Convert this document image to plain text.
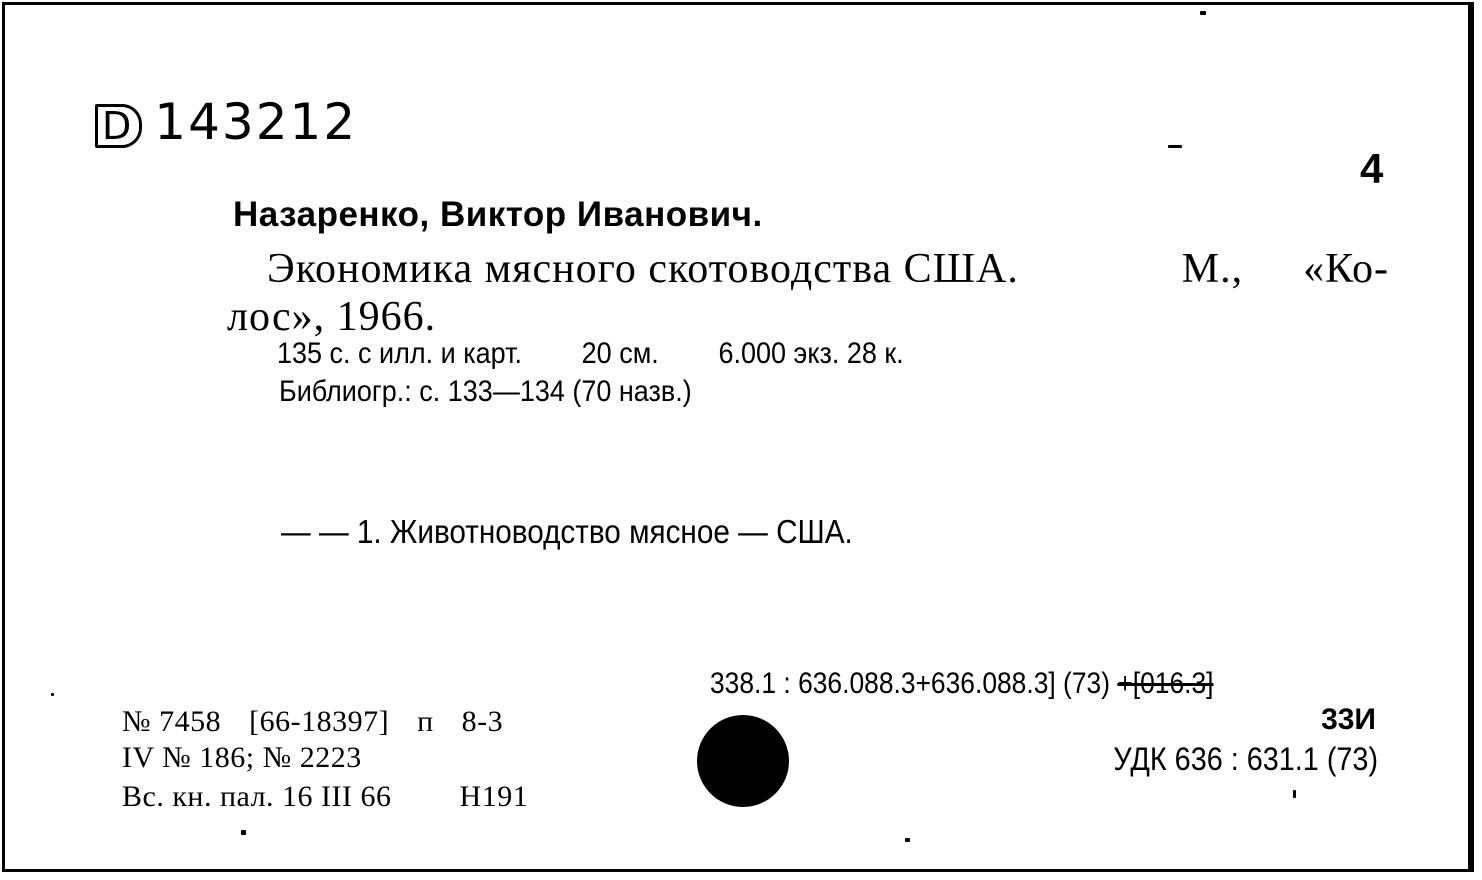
D 143212
4
Назаренко, Виктор Иванович.
Экономика мясного скотоводства США.	М., «Ко-
лос», 1966.
135 с. с илл. и карт. 20 см. 6.000 экз. 28 к.
Библиогр.: с. 133—134 (70 назв.)
— — 1. Животноводство мясное — США.
338.1 : 636.088.3+636.088.3] (73) +[016.3]
33И
УДК 636 : 631.1 (73)
№ 7458 [66-18397] п 8-3
IV № 186; № 2223
Вс. кн. пал. 16 III 66 Н191
